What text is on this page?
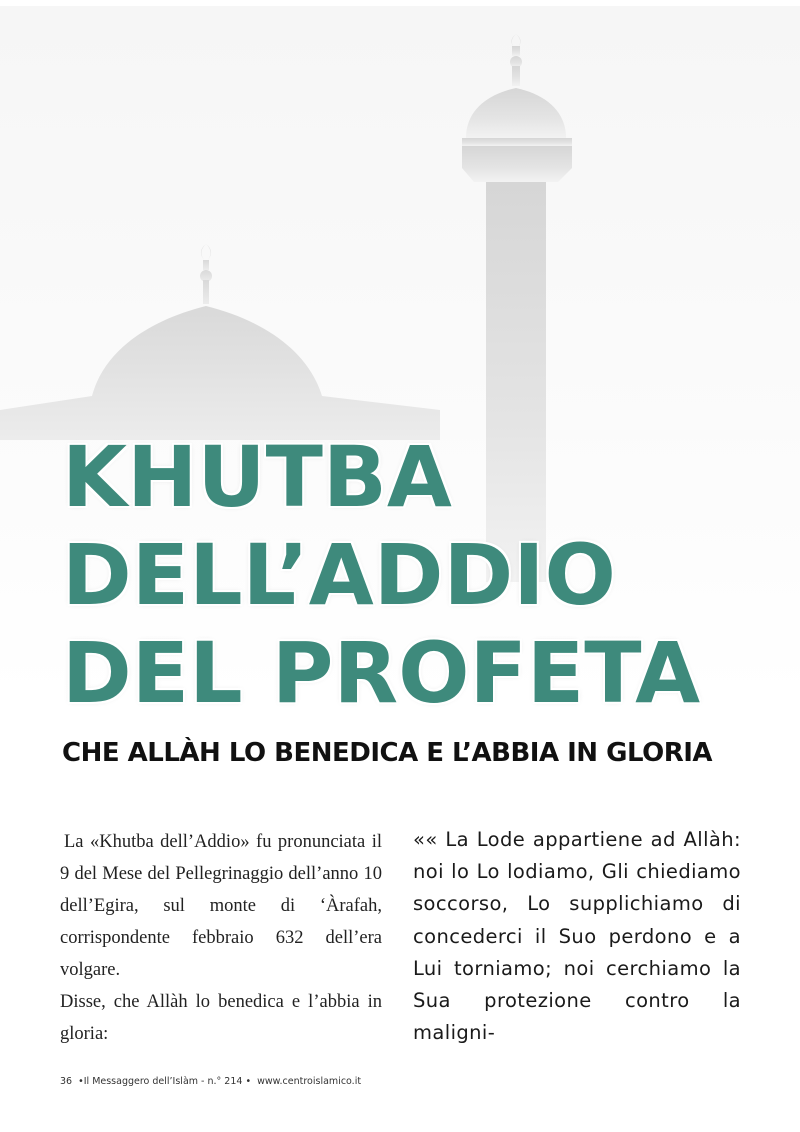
KHUTBA
DELL’ADDIO
DEL PROFETA
CHE ALLÀH LO BENEDICA E L’ABBIA IN GLORIA

La «Khutba dell’Addio» fu pronunciata il 9 del Mese del Pellegrinaggio dell’anno 10 dell’Egira, sul monte di ‘Àrafah, corrispondente febbraio 632 dell’era volgare.

Disse, che Allàh lo benedica e l’abbia in gloria:

«« La Lode appartiene ad Allàh: noi lo Lo lodiamo, Gli chiediamo soccorso, Lo supplichiamo di concederci il Suo perdono e a Lui torniamo; noi cerchiamo la Sua protezione contro la maligni-

36 •Il Messaggero dell’Islàm - n.° 214 • www.centroislamico.it
